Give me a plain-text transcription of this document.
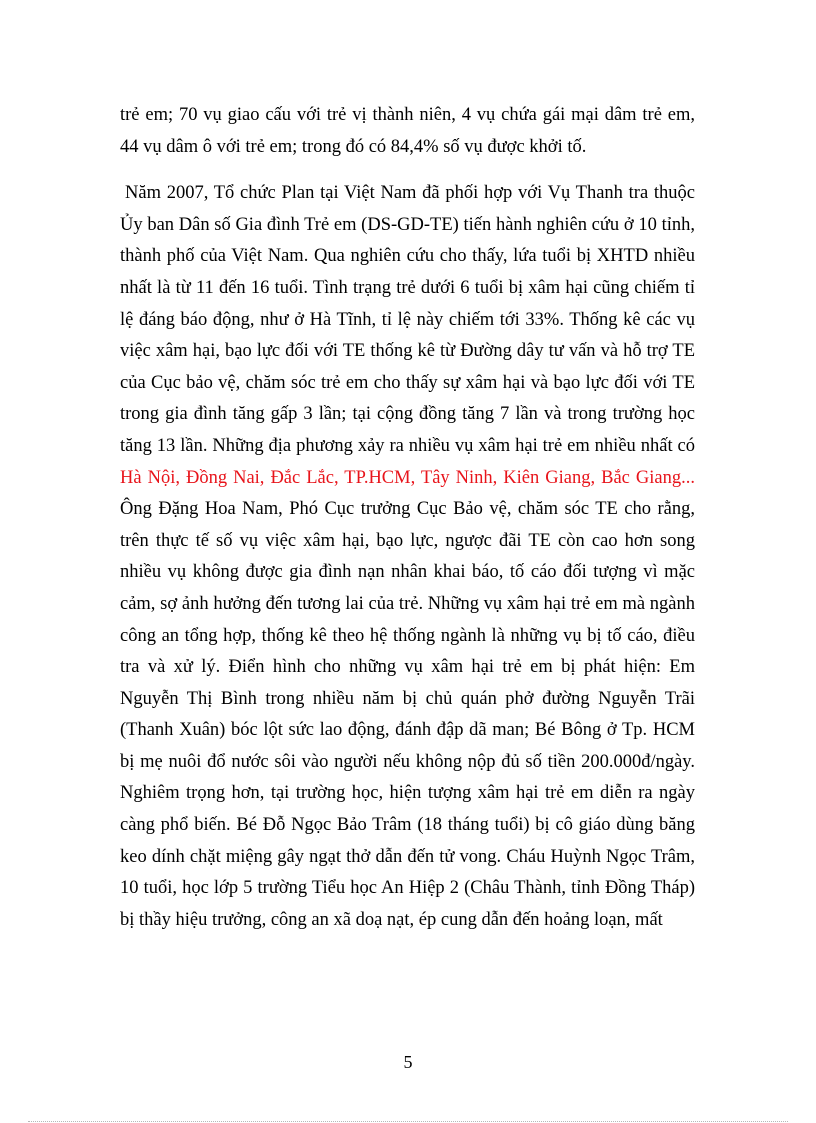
trẻ em; 70 vụ giao cấu với trẻ vị thành niên, 4 vụ chứa gái mại dâm trẻ em, 44 vụ dâm ô với trẻ em; trong đó có 84,4% số vụ được khởi tố.

Năm 2007, Tổ chức Plan tại Việt Nam đã phối hợp với Vụ Thanh tra thuộc Ủy ban Dân số Gia đình Trẻ em (DS-GD-TE) tiến hành nghiên cứu ở 10 tỉnh, thành phố của Việt Nam. Qua nghiên cứu cho thấy, lứa tuổi bị XHTD nhiều nhất là từ 11 đến 16 tuổi. Tình trạng trẻ dưới 6 tuổi bị xâm hại cũng chiếm tỉ lệ đáng báo động, như ở Hà Tĩnh, tỉ lệ này chiếm tới 33%. Thống kê các vụ việc xâm hại, bạo lực đối với TE thống kê từ Đường dây tư vấn và hỗ trợ TE của Cục bảo vệ, chăm sóc trẻ em cho thấy sự xâm hại và bạo lực đối với TE trong gia đình tăng gấp 3 lần; tại cộng đồng tăng 7 lần và trong trường học tăng 13 lần. Những địa phương xảy ra nhiều vụ xâm hại trẻ em nhiều nhất có Hà Nội, Đồng Nai, Đắc Lắc, TP.HCM, Tây Ninh, Kiên Giang, Bắc Giang... Ông Đặng Hoa Nam, Phó Cục trưởng Cục Bảo vệ, chăm sóc TE cho rằng, trên thực tế số vụ việc xâm hại, bạo lực, ngược đãi TE còn cao hơn song nhiều vụ không được gia đình nạn nhân khai báo, tố cáo đối tượng vì mặc cảm, sợ ảnh hưởng đến tương lai của trẻ. Những vụ xâm hại trẻ em mà ngành công an tổng hợp, thống kê theo hệ thống ngành là những vụ bị tố cáo, điều tra và xử lý. Điển hình cho những vụ xâm hại trẻ em bị phát hiện: Em Nguyễn Thị Bình trong nhiều năm bị chủ quán phở đường Nguyễn Trãi (Thanh Xuân) bóc lột sức lao động, đánh đập dã man; Bé Bông ở Tp. HCM bị mẹ nuôi đổ nước sôi vào người nếu không nộp đủ số tiền 200.000đ/ngày. Nghiêm trọng hơn, tại trường học, hiện tượng xâm hại trẻ em diễn ra ngày càng phổ biến. Bé Đỗ Ngọc Bảo Trâm (18 tháng tuổi) bị cô giáo dùng băng keo dính chặt miệng gây ngạt thở dẫn đến tử vong. Cháu Huỳnh Ngọc Trâm, 10 tuổi, học lớp 5 trường Tiểu học An Hiệp 2 (Châu Thành, tỉnh Đồng Tháp) bị thầy hiệu trưởng, công an xã doạ nạt, ép cung dẫn đến hoảng loạn, mất

5
